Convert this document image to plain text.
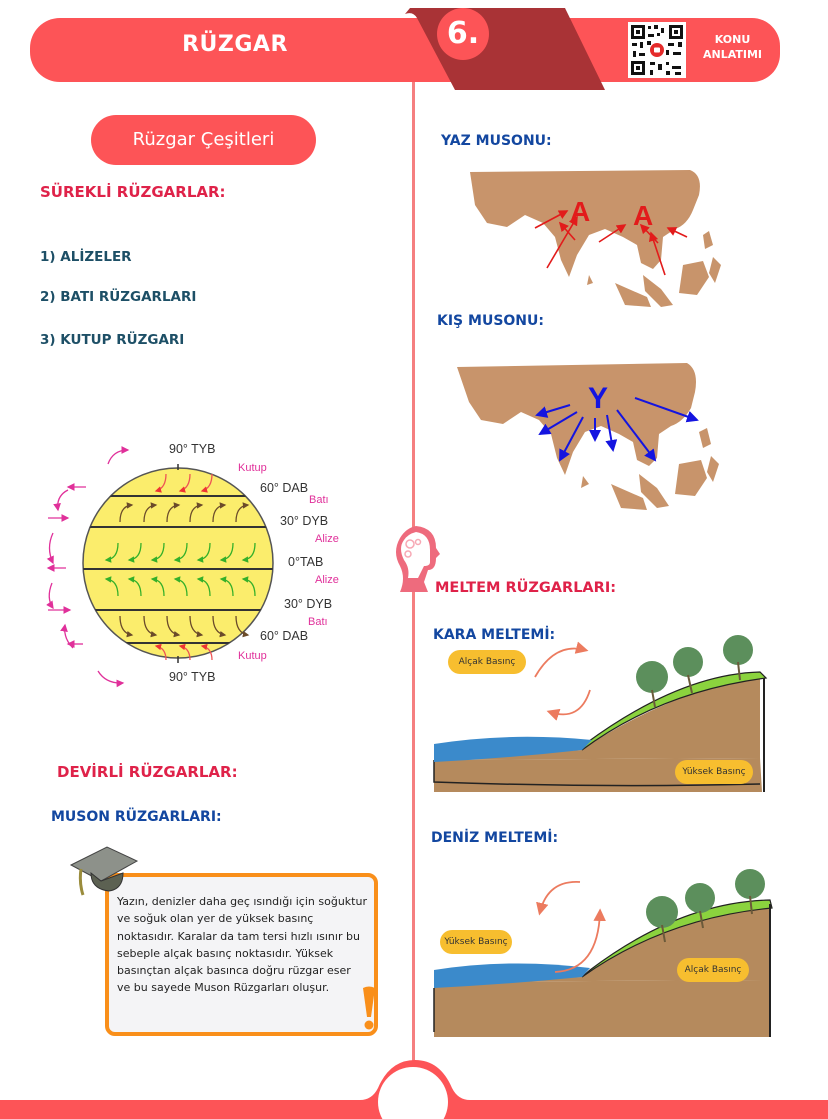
RÜZGAR	6.	KONU
ANLATIMI
Rüzgar Çeşitleri
SÜREKLİ RÜZGARLAR:
1) ALİZELER
2) BATI RÜZGARLARI
3) KUTUP RÜZGARI
90° TYB
Kutup
60° DAB
Batı
30° DYB
Alize
0°TAB
Alize
30° DYB
Batı
60° DAB
Kutup
90° TYB
DEVİRLİ RÜZGARLAR:
MUSON RÜZGARLARI:
Yazın, denizler daha geç ısındığı için soğuktur ve soğuk olan yer de yüksek basınç noktasıdır. Karalar da tam tersi hızlı ısınır bu sebeple alçak basınç noktasıdır. Yüksek basınçtan alçak basınca doğru rüzgar eser ve bu sayede Muson Rüzgarları oluşur.
YAZ MUSONU:
A A
KIŞ MUSONU:
Y
MELTEM RÜZGARLARI:
KARA MELTEMİ:
Alçak Basınç
Yüksek Basınç
DENİZ MELTEMİ:
Yüksek Basınç
Alçak Basınç
